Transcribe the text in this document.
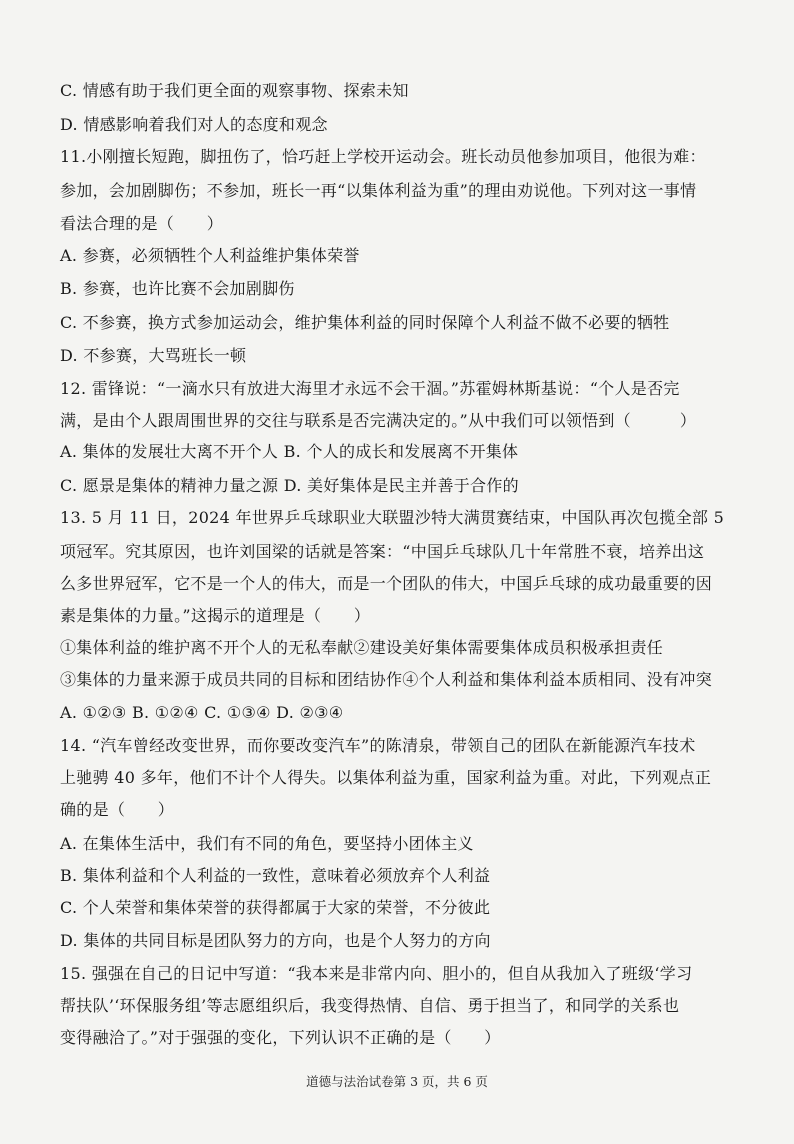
C. 情感有助于我们更全面的观察事物、探索未知
D. 情感影响着我们对人的态度和观念
11.小刚擅长短跑，脚扭伤了，恰巧赶上学校开运动会。班长动员他参加项目，他很为难：
参加，会加剧脚伤；不参加，班长一再“以集体利益为重”的理由劝说他。下列对这一事情
看法合理的是（　　）
A. 参赛，必须牺牲个人利益维护集体荣誉
B. 参赛，也许比赛不会加剧脚伤
C. 不参赛，换方式参加运动会，维护集体利益的同时保障个人利益不做不必要的牺牲
D. 不参赛，大骂班长一顿
12. 雷锋说：“一滴水只有放进大海里才永远不会干涸。”苏霍姆林斯基说：“个人是否完
满，是由个人跟周围世界的交往与联系是否完满决定的。”从中我们可以领悟到（　　　）
A. 集体的发展壮大离不开个人 B. 个人的成长和发展离不开集体
C. 愿景是集体的精神力量之源 D. 美好集体是民主并善于合作的
13. 5 月 11 日，2024 年世界乒乓球职业大联盟沙特大满贯赛结束，中国队再次包揽全部 5
项冠军。究其原因，也许刘国梁的话就是答案：“中国乒乓球队几十年常胜不衰，培养出这
么多世界冠军，它不是一个人的伟大，而是一个团队的伟大，中国乒乓球的成功最重要的因
素是集体的力量。”这揭示的道理是（　　）
①集体利益的维护离不开个人的无私奉献②建设美好集体需要集体成员积极承担责任
③集体的力量来源于成员共同的目标和团结协作④个人利益和集体利益本质相同、没有冲突
A. ①②③ B. ①②④ C. ①③④ D. ②③④
14. “汽车曾经改变世界，而你要改变汽车”的陈清泉，带领自己的团队在新能源汽车技术
上驰骋 40 多年，他们不计个人得失。以集体利益为重，国家利益为重。对此，下列观点正
确的是（　　）
A. 在集体生活中，我们有不同的角色，要坚持小团体主义
B. 集体利益和个人利益的一致性，意味着必须放弃个人利益
C. 个人荣誉和集体荣誉的获得都属于大家的荣誉，不分彼此
D. 集体的共同目标是团队努力的方向，也是个人努力的方向
15. 强强在自己的日记中写道：“我本来是非常内向、胆小的，但自从我加入了班级‘学习
帮扶队’‘环保服务组’等志愿组织后，我变得热情、自信、勇于担当了，和同学的关系也
变得融洽了。”对于强强的变化，下列认识不正确的是（　　）
道德与法治试卷第 3 页，共 6 页
